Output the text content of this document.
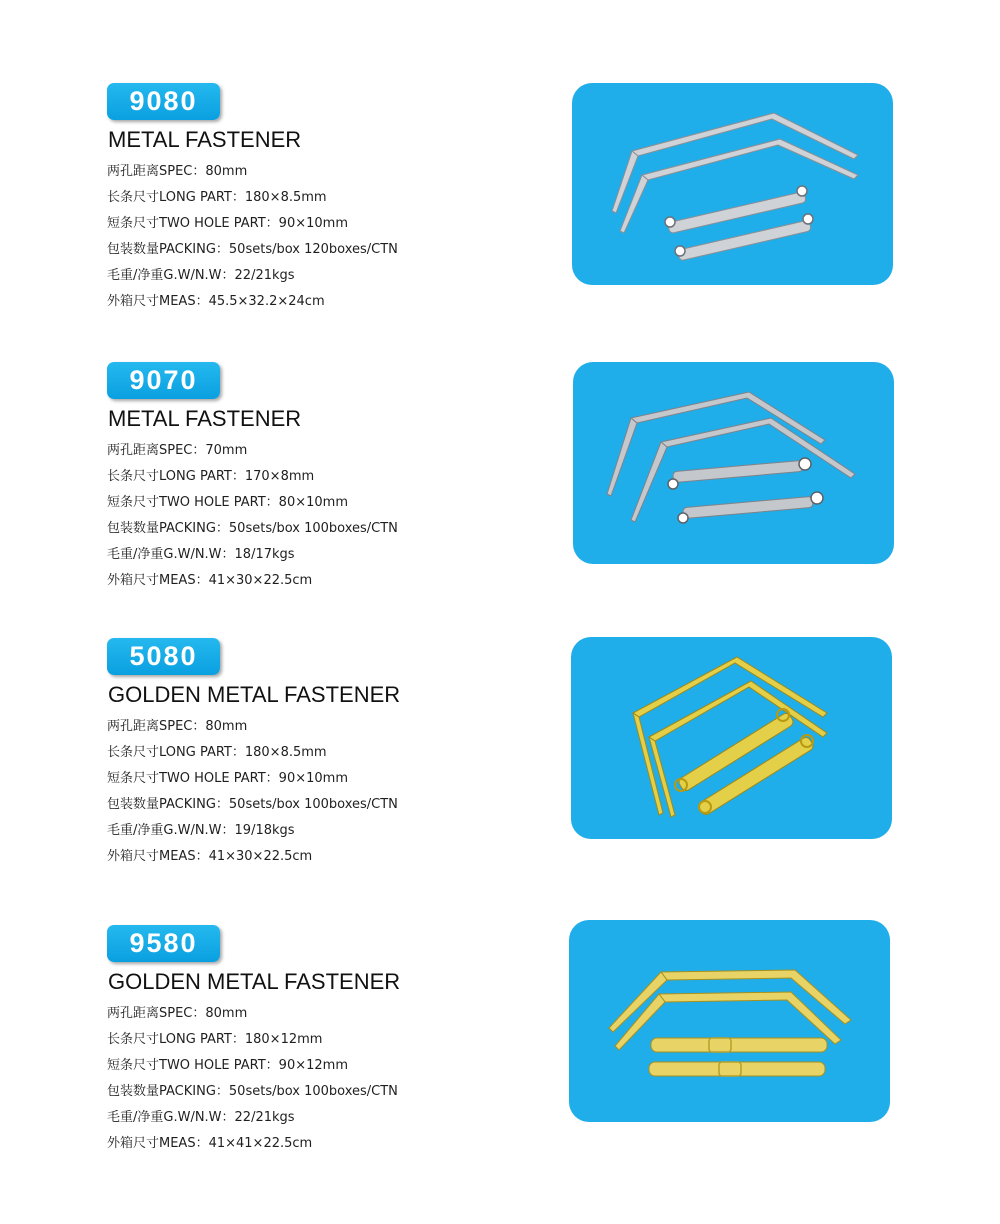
9080
METAL FASTENER
两孔距离SPEC：80mm
长条尺寸LONG PART：180×8.5mm
短条尺寸TWO HOLE PART：90×10mm
包装数量PACKING：50sets/box 120boxes/CTN
毛重/净重G.W/N.W：22/21kgs
外箱尺寸MEAS：45.5×32.2×24cm
9070
METAL FASTENER
两孔距离SPEC：70mm
长条尺寸LONG PART：170×8mm
短条尺寸TWO HOLE PART：80×10mm
包装数量PACKING：50sets/box 100boxes/CTN
毛重/净重G.W/N.W：18/17kgs
外箱尺寸MEAS：41×30×22.5cm
5080
GOLDEN METAL FASTENER
两孔距离SPEC：80mm
长条尺寸LONG PART：180×8.5mm
短条尺寸TWO HOLE PART：90×10mm
包装数量PACKING：50sets/box 100boxes/CTN
毛重/净重G.W/N.W：19/18kgs
外箱尺寸MEAS：41×30×22.5cm
9580
GOLDEN METAL FASTENER
两孔距离SPEC：80mm
长条尺寸LONG PART：180×12mm
短条尺寸TWO HOLE PART：90×12mm
包装数量PACKING：50sets/box 100boxes/CTN
毛重/净重G.W/N.W：22/21kgs
外箱尺寸MEAS：41×41×22.5cm
